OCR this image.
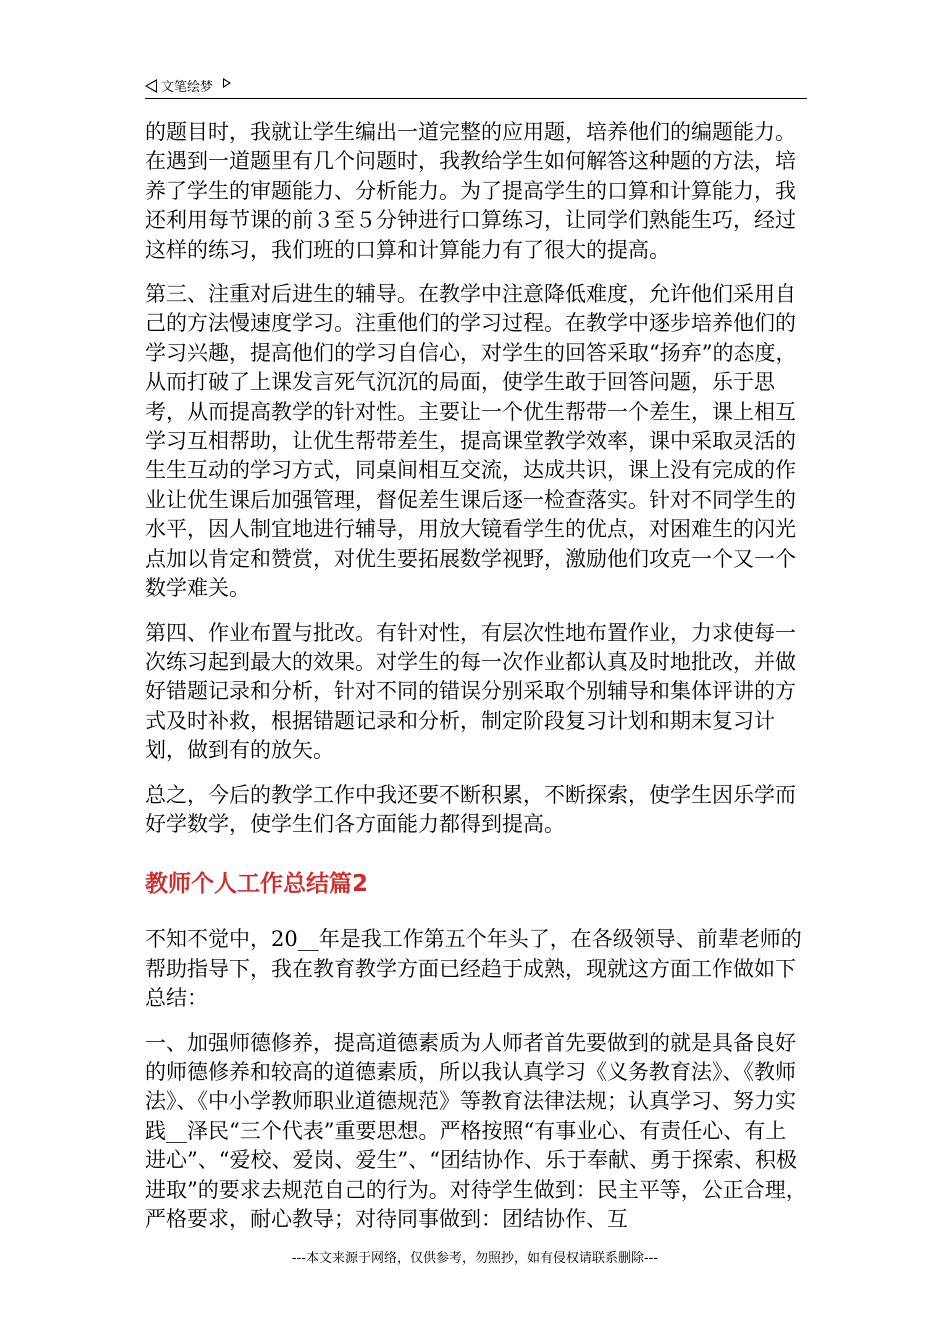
文笔绘梦

的题目时，我就让学生编出一道完整的应用题，培养他们的编题能力。在遇到一道题里有几个问题时，我教给学生如何解答这种题的方法，培养了学生的审题能力、分析能力。为了提高学生的口算和计算能力，我还利用每节课的前３至５分钟进行口算练习，让同学们熟能生巧，经过这样的练习，我们班的口算和计算能力有了很大的提高。

第三、注重对后进生的辅导。在教学中注意降低难度，允许他们采用自己的方法慢速度学习。注重他们的学习过程。在教学中逐步培养他们的学习兴趣，提高他们的学习自信心，对学生的回答采取“扬弃”的态度，从而打破了上课发言死气沉沉的局面，使学生敢于回答问题，乐于思考，从而提高教学的针对性。主要让一个优生帮带一个差生，课上相互学习互相帮助，让优生帮带差生，提高课堂教学效率，课中采取灵活的生生互动的学习方式，同桌间相互交流，达成共识，课上没有完成的作业让优生课后加强管理，督促差生课后逐一检查落实。针对不同学生的水平，因人制宜地进行辅导，用放大镜看学生的优点，对困难生的闪光点加以肯定和赞赏，对优生要拓展数学视野，激励他们攻克一个又一个数学难关。

第四、作业布置与批改。有针对性，有层次性地布置作业，力求使每一次练习起到最大的效果。对学生的每一次作业都认真及时地批改，并做好错题记录和分析，针对不同的错误分别采取个别辅导和集体评讲的方式及时补救，根据错题记录和分析，制定阶段复习计划和期末复习计划，做到有的放矢。

总之，今后的教学工作中我还要不断积累，不断探索，使学生因乐学而好学数学，使学生们各方面能力都得到提高。

教师个人工作总结篇2

不知不觉中，20__年是我工作第五个年头了，在各级领导、前辈老师的帮助指导下，我在教育教学方面已经趋于成熟，现就这方面工作做如下总结：

一、加强师德修养，提高道德素质为人师者首先要做到的就是具备良好的师德修养和较高的道德素质，所以我认真学习《义务教育法》、《教师法》、《中小学教师职业道德规范》等教育法律法规；认真学习、努力实践__泽民“三个代表”重要思想。严格按照“有事业心、有责任心、有上进心”、“爱校、爱岗、爱生”、“团结协作、乐于奉献、勇于探索、积极进取”的要求去规范自己的行为。对待学生做到：民主平等，公正合理，严格要求，耐心教导；对待同事做到：团结协作、互

---本文来源于网络，仅供参考，勿照抄，如有侵权请联系删除---
